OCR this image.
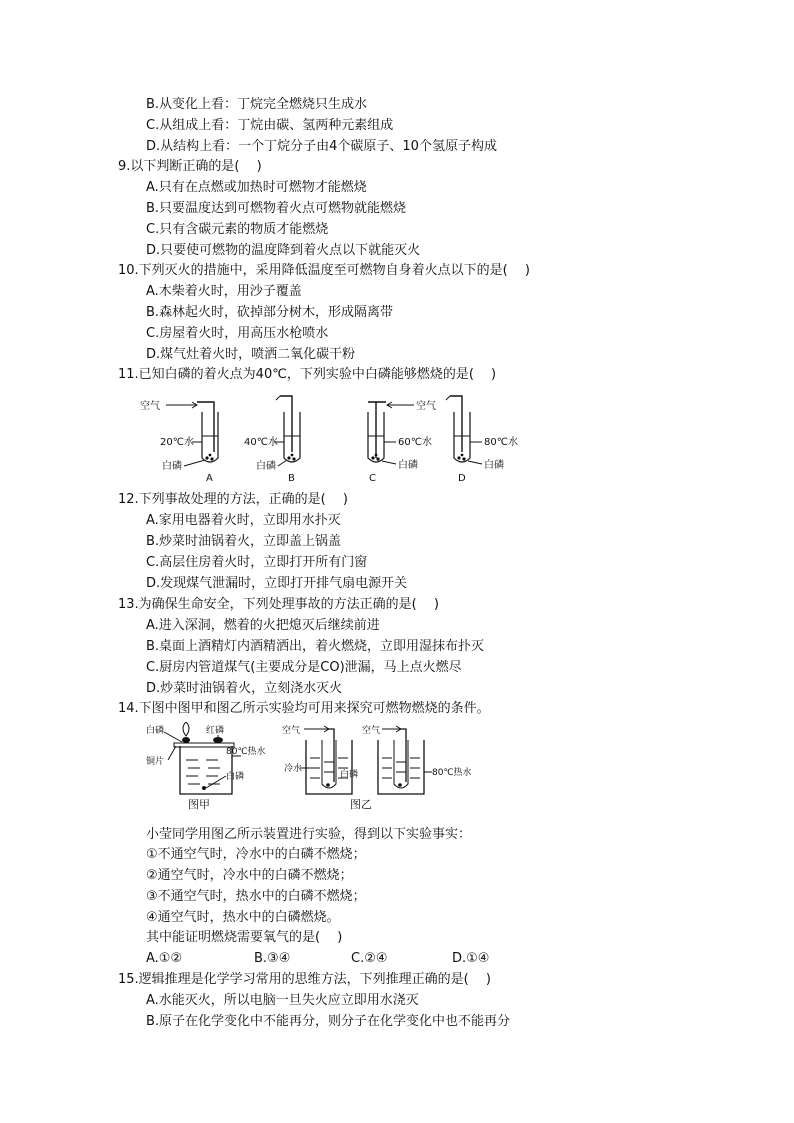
B.从变化上看：丁烷完全燃烧只生成水
C.从组成上看：丁烷由碳、氢两种元素组成
D.从结构上看：一个丁烷分子由4个碳原子、10个氢原子构成
9.以下判断正确的是(　 )
A.只有在点燃或加热时可燃物才能燃烧
B.只要温度达到可燃物着火点可燃物就能燃烧
C.只有含碳元素的物质才能燃烧
D.只要使可燃物的温度降到着火点以下就能灭火
10.下列灭火的措施中，采用降低温度至可燃物自身着火点以下的是(　 )
A.木柴着火时，用沙子覆盖
B.森林起火时，砍掉部分树木，形成隔离带
C.房屋着火时，用高压水枪喷水
D.煤气灶着火时，喷洒二氧化碳干粉
11.已知白磷的着火点为40℃，下列实验中白磷能够燃烧的是(　 )
空气
20℃水
白磷
A
40℃水
白磷
B
空气
60℃水
白磷
C
80℃水
白磷
D
12.下列事故处理的方法，正确的是(　 )
A.家用电器着火时，立即用水扑灭
B.炒菜时油锅着火，立即盖上锅盖
C.高层住房着火时，立即打开所有门窗
D.发现煤气泄漏时，立即打开排气扇电源开关
13.为确保生命安全，下列处理事故的方法正确的是(　 )
A.进入深洞，燃着的火把熄灭后继续前进
B.桌面上酒精灯内酒精洒出，着火燃烧，立即用湿抹布扑灭
C.厨房内管道煤气(主要成分是CO)泄漏，马上点火燃尽
D.炒菜时油锅着火，立刻浇水灭火
14.下图中图甲和图乙所示实验均可用来探究可燃物燃烧的条件。
白磷	红磷
铜片
80℃热水
白磷
图甲
空气	空气
冷水
白磷	80℃热水
图乙
小莹同学用图乙所示装置进行实验，得到以下实验事实：
①不通空气时，冷水中的白磷不燃烧；
②通空气时，冷水中的白磷不燃烧；
③不通空气时，热水中的白磷不燃烧；
④通空气时，热水中的白磷燃烧。
其中能证明燃烧需要氧气的是(　 )
A.①②	B.③④	C.②④	D.①④
15.逻辑推理是化学学习常用的思维方法，下列推理正确的是(　 )
A.水能灭火，所以电脑一旦失火应立即用水浇灭
B.原子在化学变化中不能再分，则分子在化学变化中也不能再分
